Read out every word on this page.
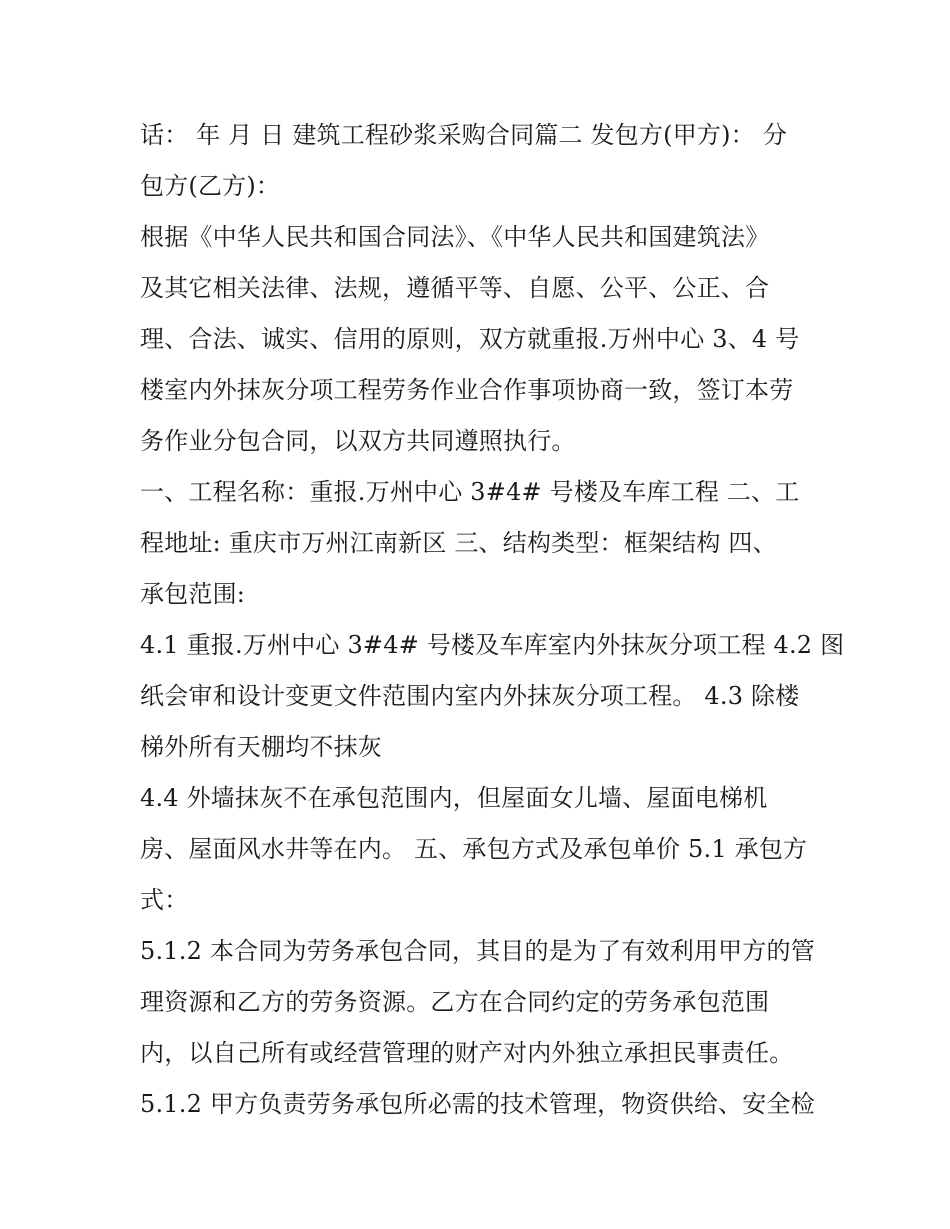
话： 年 月 日 建筑工程砂浆采购合同篇二 发包方(甲方)： 分
包方(乙方)：
根据《中华人民共和国合同法》、《中华人民共和国建筑法》
及其它相关法律、法规，遵循平等、自愿、公平、公正、合
理、合法、诚实、信用的原则，双方就重报.万州中心 3、4 号
楼室内外抹灰分项工程劳务作业合作事项协商一致，签订本劳
务作业分包合同，以双方共同遵照执行。
一、工程名称：重报.万州中心 3#4# 号楼及车库工程 二、工
程地址: 重庆市万州江南新区 三、结构类型：框架结构 四、
承包范围:
4.1 重报.万州中心 3#4# 号楼及车库室内外抹灰分项工程 4.2 图
纸会审和设计变更文件范围内室内外抹灰分项工程。 4.3 除楼
梯外所有天棚均不抹灰
4.4 外墙抹灰不在承包范围内，但屋面女儿墙、屋面电梯机
房、屋面风水井等在内。 五、承包方式及承包单价 5.1 承包方
式：
5.1.2 本合同为劳务承包合同，其目的是为了有效利用甲方的管
理资源和乙方的劳务资源。乙方在合同约定的劳务承包范围
内，以自己所有或经营管理的财产对内外独立承担民事责任。
5.1.2 甲方负责劳务承包所必需的技术管理，物资供给、安全检
